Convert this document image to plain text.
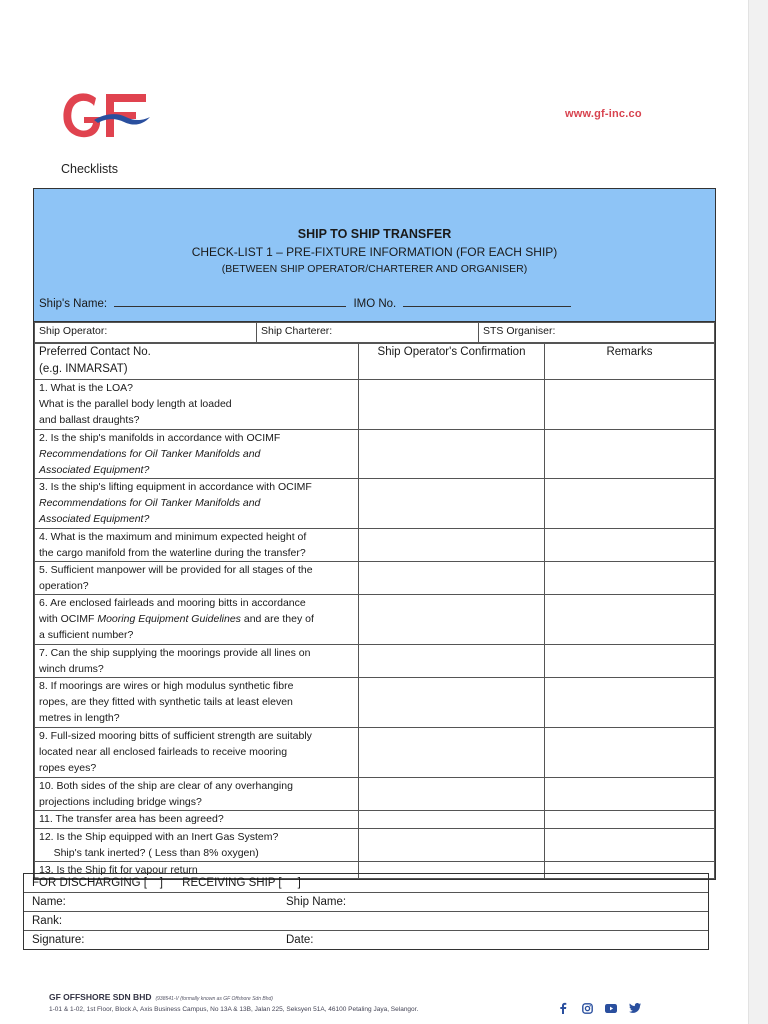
www.gf-inc.co
Checklists
SHIP TO SHIP TRANSFER
CHECK-LIST 1 – PRE-FIXTURE INFORMATION (FOR EACH SHIP)
(BETWEEN SHIP OPERATOR/CHARTERER AND ORGANISER)
Ship's Name:	IMO No.
Ship Operator:	Ship Charterer:	STS Organiser:
Preferred Contact No.
(e.g. INMARSAT)	Ship Operator's Confirmation	Remarks

1. What is the LOA?
What is the parallel body length at loaded
and ballast draughts?		

2. Is the ship's manifolds in accordance with OCIMF
Recommendations for Oil Tanker Manifolds and
Associated Equipment?		

3. Is the ship's lifting equipment in accordance with OCIMF
Recommendations for Oil Tanker Manifolds and
Associated Equipment?		

4. What is the maximum and minimum expected height of
the cargo manifold from the waterline during the transfer?		

5. Sufficient manpower will be provided for all stages of the
operation?		

6. Are enclosed fairleads and mooring bitts in accordance
with OCIMF Mooring Equipment Guidelines and are they of
a sufficient number?		

7. Can the ship supplying the moorings provide all lines on
winch drums?		

8. If moorings are wires or high modulus synthetic fibre
ropes, are they fitted with synthetic tails at least eleven
metres in length?		

9. Full-sized mooring bitts of sufficient strength are suitably
located near all enclosed fairleads to receive mooring
ropes eyes?		

10. Both sides of the ship are clear of any overhanging
projections including bridge wings?		

11. The transfer area has been agreed?		

12. Is the Ship equipped with an Inert Gas System?
Ship's tank inerted? ( Less than 8% oxygen)		

13. Is the Ship fit for vapour return		

FOR DISCHARGING [    ]      RECEIVING SHIP [     ]
Name:	Ship Name:
Rank:
Signature:	Date:
GF OFFSHORE SDN BHD (938541-V (formally known as GF Offshore Sdn Bhd)
1-01 & 1-02, 1st Floor, Block A, Axis Business Campus, No 13A & 13B, Jalan 225, Seksyen 51A, 46100 Petaling Jaya, Selangor.
